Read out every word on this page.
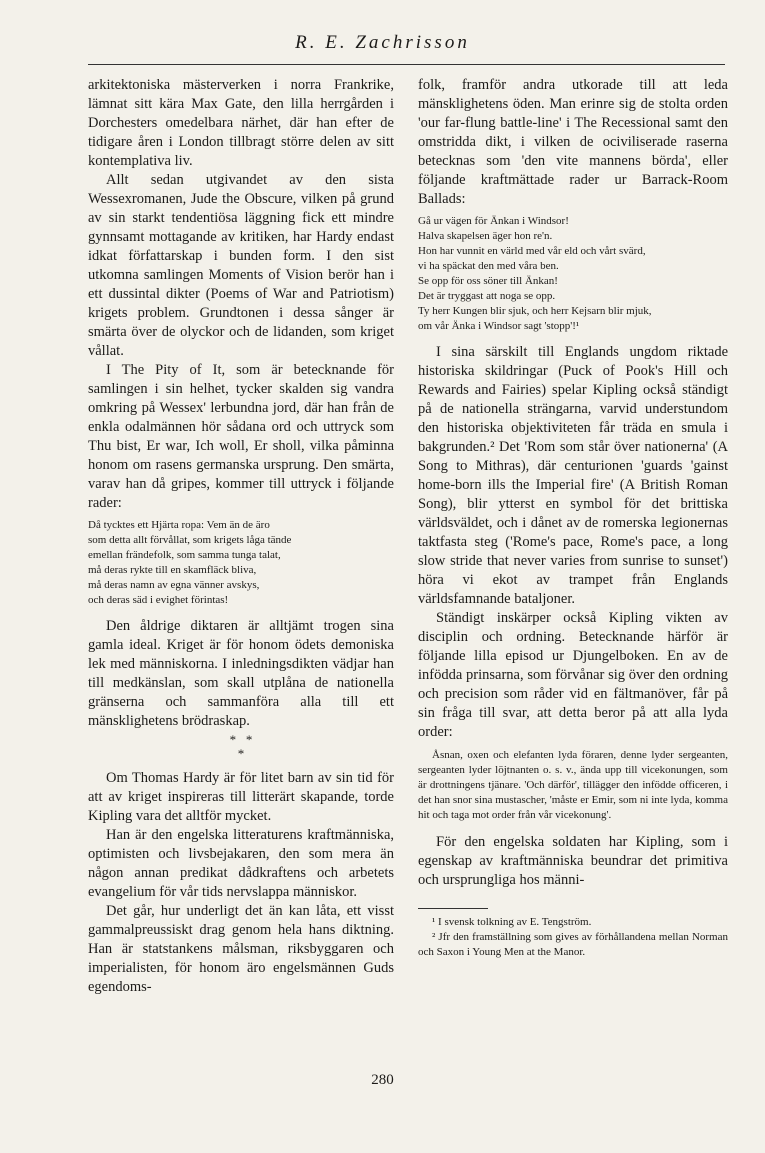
R. E. Zachrisson

arkitektoniska mästerverken i norra Frankrike, lämnat sitt kära Max Gate, den lilla herrgården i Dorchesters omedelbara närhet, där han efter de tidigare åren i London tillbragt större delen av sitt kontemplativa liv.

Allt sedan utgivandet av den sista Wessexromanen, Jude the Obscure, vilken på grund av sin starkt tendentiösa läggning fick ett mindre gynnsamt mottagande av kritiken, har Hardy endast idkat författarskap i bunden form. I den sist utkomna samlingen Moments of Vision berör han i ett dussintal dikter (Poems of War and Patriotism) krigets problem. Grundtonen i dessa sånger är smärta över de olyckor och de lidanden, som kriget vållat.

I The Pity of It, som är betecknande för samlingen i sin helhet, tycker skalden sig vandra omkring på Wessex' lerbundna jord, där han från de enkla odalmännen hör sådana ord och uttryck som Thu bist, Er war, Ich woll, Er sholl, vilka påminna honom om rasens germanska ursprung. Den smärta, varav han då gripes, kommer till uttryck i följande rader:

Då tycktes ett Hjärta ropa: Vem än de äro
som detta allt förvållat, som krigets låga tände
emellan frändefolk, som samma tunga talat,
må deras rykte till en skamfläck bliva,
må deras namn av egna vänner avskys,
och deras säd i evighet förintas!

Den åldrige diktaren är alltjämt trogen sina gamla ideal. Kriget är för honom ödets demoniska lek med människorna. I inledningsdikten vädjar han till medkänslan, som skall utplåna de nationella gränserna och sammanföra alla till ett mänsklighetens brödraskap.

*   *
*

Om Thomas Hardy är för litet barn av sin tid för att av kriget inspireras till litterärt skapande, torde Kipling vara det alltför mycket.

Han är den engelska litteraturens kraftmänniska, optimisten och livsbejakaren, den som mera än någon annan predikat dådkraftens och arbetets evangelium för vår tids nervslappa människor.

Det går, hur underligt det än kan låta, ett visst gammalpreussiskt drag genom hela hans diktning. Han är statstankens målsman, riksbyggaren och imperialisten, för honom äro engelsmännen Guds egendoms-

folk, framför andra utkorade till att leda mänsklighetens öden. Man erinre sig de stolta orden 'our far-flung battle-line' i The Recessional samt den omstridda dikt, i vilken de ociviliserade raserna betecknas som 'den vite mannens börda', eller följande kraftmättade rader ur Barrack-Room Ballads:

Gå ur vägen för Änkan i Windsor!
Halva skapelsen äger hon re'n.
Hon har vunnit en värld med vår eld och vårt svärd,
vi ha späckat den med våra ben.
Se opp för oss söner till Änkan!
Det är tryggast att noga se opp.
Ty herr Kungen blir sjuk, och herr Kejsarn blir mjuk,
om vår Änka i Windsor sagt 'stopp'!¹

I sina särskilt till Englands ungdom riktade historiska skildringar (Puck of Pook's Hill och Rewards and Fairies) spelar Kipling också ständigt på de nationella strängarna, varvid understundom den historiska objektiviteten får träda en smula i bakgrunden.² Det 'Rom som står över nationerna' (A Song to Mithras), där centurionen 'guards 'gainst home-born ills the Imperial fire' (A British Roman Song), blir ytterst en symbol för det brittiska världsväldet, och i dånet av de romerska legionernas taktfasta steg ('Rome's pace, Rome's pace, a long slow stride that never varies from sunrise to sunset') höra vi ekot av trampet från Englands världsfamnande bataljoner.

Ständigt inskärper också Kipling vikten av disciplin och ordning. Betecknande härför är följande lilla episod ur Djungelboken. En av de infödda prinsarna, som förvånar sig över den ordning och precision som råder vid en fältmanöver, får på sin fråga till svar, att detta beror på att alla lyda order:

Åsnan, oxen och elefanten lyda föraren, denne lyder sergeanten, sergeanten lyder löjtnanten o. s. v., ända upp till vicekonungen, som är drottningens tjänare. 'Och därför', tillägger den infödde officeren, i det han snor sina mustascher, 'måste er Emir, som ni inte lyda, komma hit och taga mot order från vår vicekonung'.

För den engelska soldaten har Kipling, som i egenskap av kraftmänniska beundrar det primitiva och ursprungliga hos männi-

¹ I svensk tolkning av E. Tengström.

² Jfr den framställning som gives av förhållandena mellan Norman och Saxon i Young Men at the Manor.

280
